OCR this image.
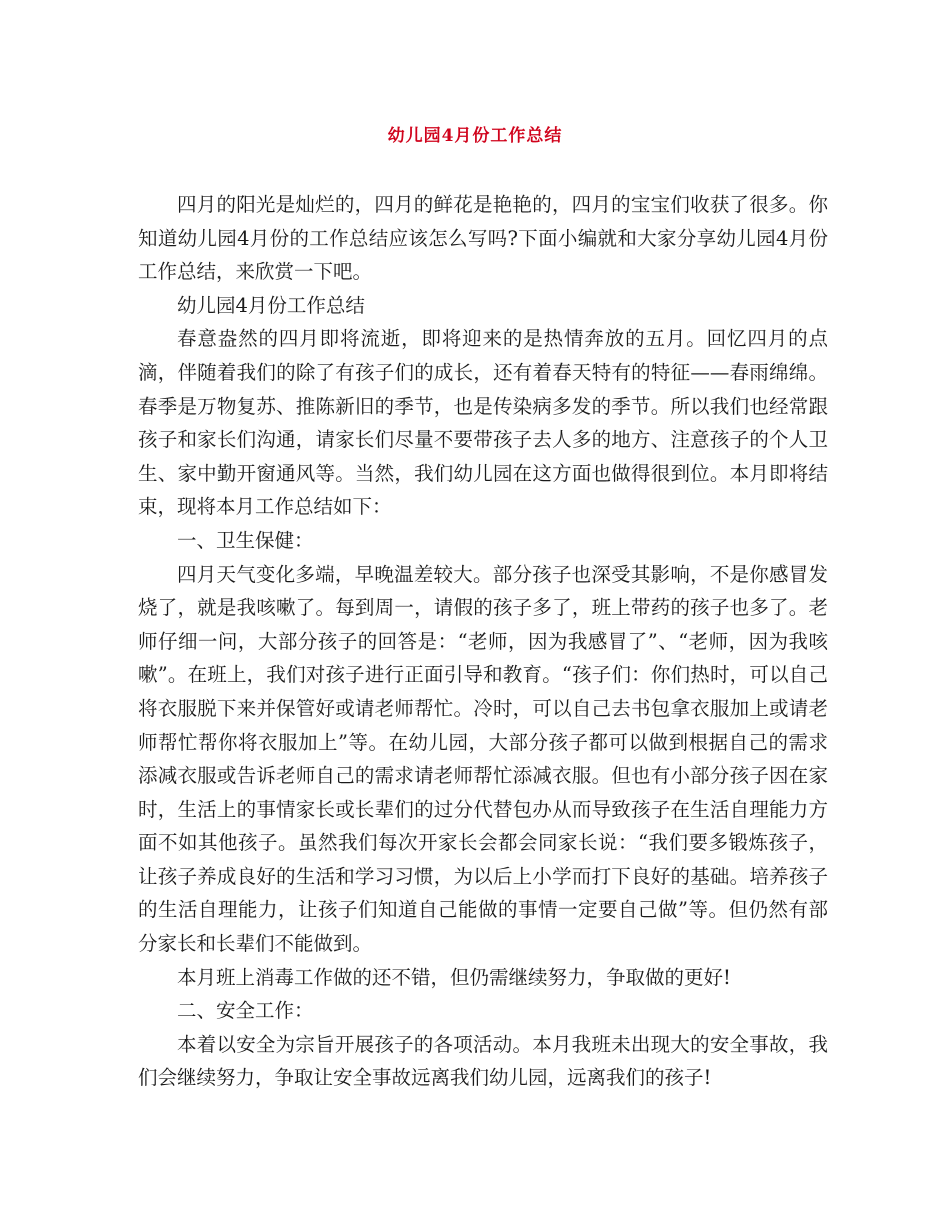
幼儿园4月份工作总结

四月的阳光是灿烂的，四月的鲜花是艳艳的，四月的宝宝们收获了很多。你知道幼儿园4月份的工作总结应该怎么写吗?下面小编就和大家分享幼儿园4月份工作总结，来欣赏一下吧。

幼儿园4月份工作总结

春意盎然的四月即将流逝，即将迎来的是热情奔放的五月。回忆四月的点滴，伴随着我们的除了有孩子们的成长，还有着春天特有的特征——春雨绵绵。春季是万物复苏、推陈新旧的季节，也是传染病多发的季节。所以我们也经常跟孩子和家长们沟通，请家长们尽量不要带孩子去人多的地方、注意孩子的个人卫生、家中勤开窗通风等。当然，我们幼儿园在这方面也做得很到位。本月即将结束，现将本月工作总结如下：

一、卫生保健：

四月天气变化多端，早晚温差较大。部分孩子也深受其影响，不是你感冒发烧了，就是我咳嗽了。每到周一，请假的孩子多了，班上带药的孩子也多了。老师仔细一问，大部分孩子的回答是：“老师，因为我感冒了”、“老师，因为我咳嗽”。在班上，我们对孩子进行正面引导和教育。“孩子们：你们热时，可以自己将衣服脱下来并保管好或请老师帮忙。冷时，可以自己去书包拿衣服加上或请老师帮忙帮你将衣服加上”等。在幼儿园，大部分孩子都可以做到根据自己的需求添减衣服或告诉老师自己的需求请老师帮忙添减衣服。但也有小部分孩子因在家时，生活上的事情家长或长辈们的过分代替包办从而导致孩子在生活自理能力方面不如其他孩子。虽然我们每次开家长会都会同家长说：“我们要多锻炼孩子，让孩子养成良好的生活和学习习惯，为以后上小学而打下良好的基础。培养孩子的生活自理能力，让孩子们知道自己能做的事情一定要自己做”等。但仍然有部分家长和长辈们不能做到。

本月班上消毒工作做的还不错，但仍需继续努力，争取做的更好!

二、安全工作：

本着以安全为宗旨开展孩子的各项活动。本月我班未出现大的安全事故，我们会继续努力，争取让安全事故远离我们幼儿园，远离我们的孩子!
